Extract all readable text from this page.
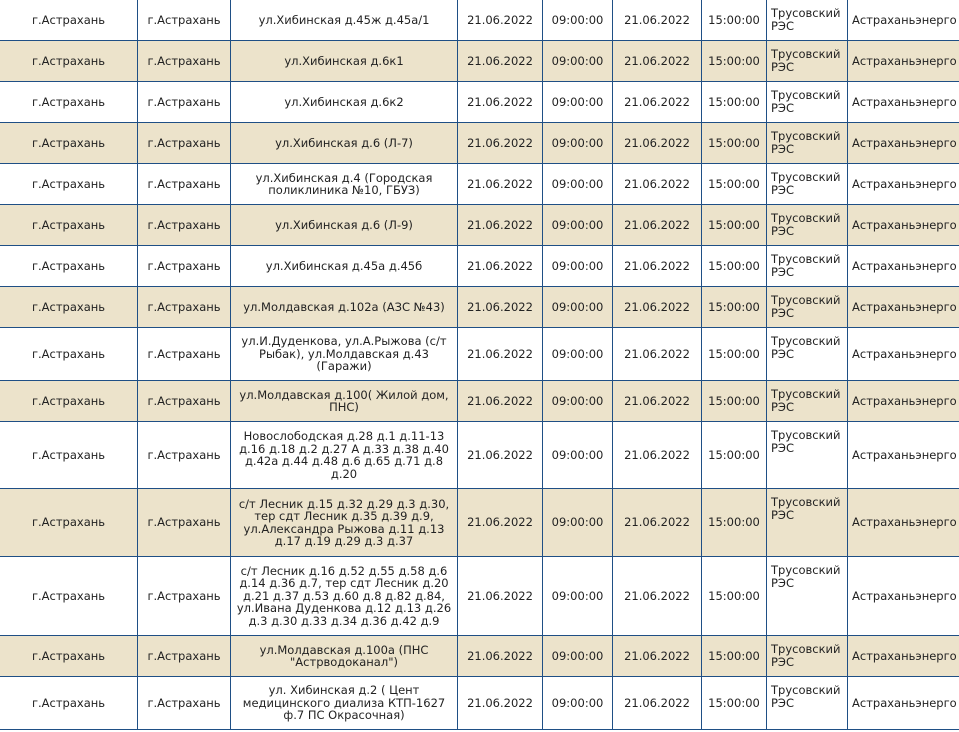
г.Астрахань	г.Астрахань	ул.Хибинская д.45ж д.45а/1	21.06.2022	09:00:00	21.06.2022	15:00:00	Трусовский РЭС	Астраханьэнерго
г.Астрахань	г.Астрахань	ул.Хибинская д.6к1	21.06.2022	09:00:00	21.06.2022	15:00:00	Трусовский РЭС	Астраханьэнерго
г.Астрахань	г.Астрахань	ул.Хибинская д.6к2	21.06.2022	09:00:00	21.06.2022	15:00:00	Трусовский РЭС	Астраханьэнерго
г.Астрахань	г.Астрахань	ул.Хибинская д.6 (Л-7)	21.06.2022	09:00:00	21.06.2022	15:00:00	Трусовский РЭС	Астраханьэнерго
г.Астрахань	г.Астрахань	ул.Хибинская д.4 (Городская поликлиника №10, ГБУЗ)	21.06.2022	09:00:00	21.06.2022	15:00:00	Трусовский РЭС	Астраханьэнерго
г.Астрахань	г.Астрахань	ул.Хибинская д.6 (Л-9)	21.06.2022	09:00:00	21.06.2022	15:00:00	Трусовский РЭС	Астраханьэнерго
г.Астрахань	г.Астрахань	ул.Хибинская д.45а д.45б	21.06.2022	09:00:00	21.06.2022	15:00:00	Трусовский РЭС	Астраханьэнерго
г.Астрахань	г.Астрахань	ул.Молдавская д.102а (АЗС №43)	21.06.2022	09:00:00	21.06.2022	15:00:00	Трусовский РЭС	Астраханьэнерго
г.Астрахань	г.Астрахань	ул.И.Дуденкова, ул.А.Рыжова (с/т Рыбак), ул.Молдавская д.43 (Гаражи)	21.06.2022	09:00:00	21.06.2022	15:00:00	Трусовский РЭС	Астраханьэнерго
г.Астрахань	г.Астрахань	ул.Молдавская д.100( Жилой дом, ПНС)	21.06.2022	09:00:00	21.06.2022	15:00:00	Трусовский РЭС	Астраханьэнерго
г.Астрахань	г.Астрахань	Новослободская д.28 д.1 д.11-13 д.16 д.18 д.2 д.27 А д.33 д.38 д.40 д.42а д.44 д.48 д.6 д.65 д.71 д.8 д.20	21.06.2022	09:00:00	21.06.2022	15:00:00	Трусовский РЭС	Астраханьэнерго
г.Астрахань	г.Астрахань	с/т Лесник д.15 д.32 д.29 д.3 д.30, тер сдт Лесник д.35 д.39 д.9, ул.Александра Рыжова д.11 д.13 д.17 д.19 д.29 д.3 д.37	21.06.2022	09:00:00	21.06.2022	15:00:00	Трусовский РЭС	Астраханьэнерго
г.Астрахань	г.Астрахань	с/т Лесник д.16 д.52 д.55 д.58 д.6 д.14 д.36 д.7, тер сдт Лесник д.20 д.21 д.37 д.53 д.60 д.8 д.82 д.84, ул.Ивана Дуденкова д.12 д.13 д.26 д.3 д.30 д.33 д.34 д.36 д.42 д.9	21.06.2022	09:00:00	21.06.2022	15:00:00	Трусовский РЭС	Астраханьэнерго
г.Астрахань	г.Астрахань	ул.Молдавская д.100а (ПНС "Астрводоканал")	21.06.2022	09:00:00	21.06.2022	15:00:00	Трусовский РЭС	Астраханьэнерго
г.Астрахань	г.Астрахань	ул. Хибинская д.2 ( Цент медицинского диализа КТП-1627 ф.7 ПС Окрасочная)	21.06.2022	09:00:00	21.06.2022	15:00:00	Трусовский РЭС	Астраханьэнерго
